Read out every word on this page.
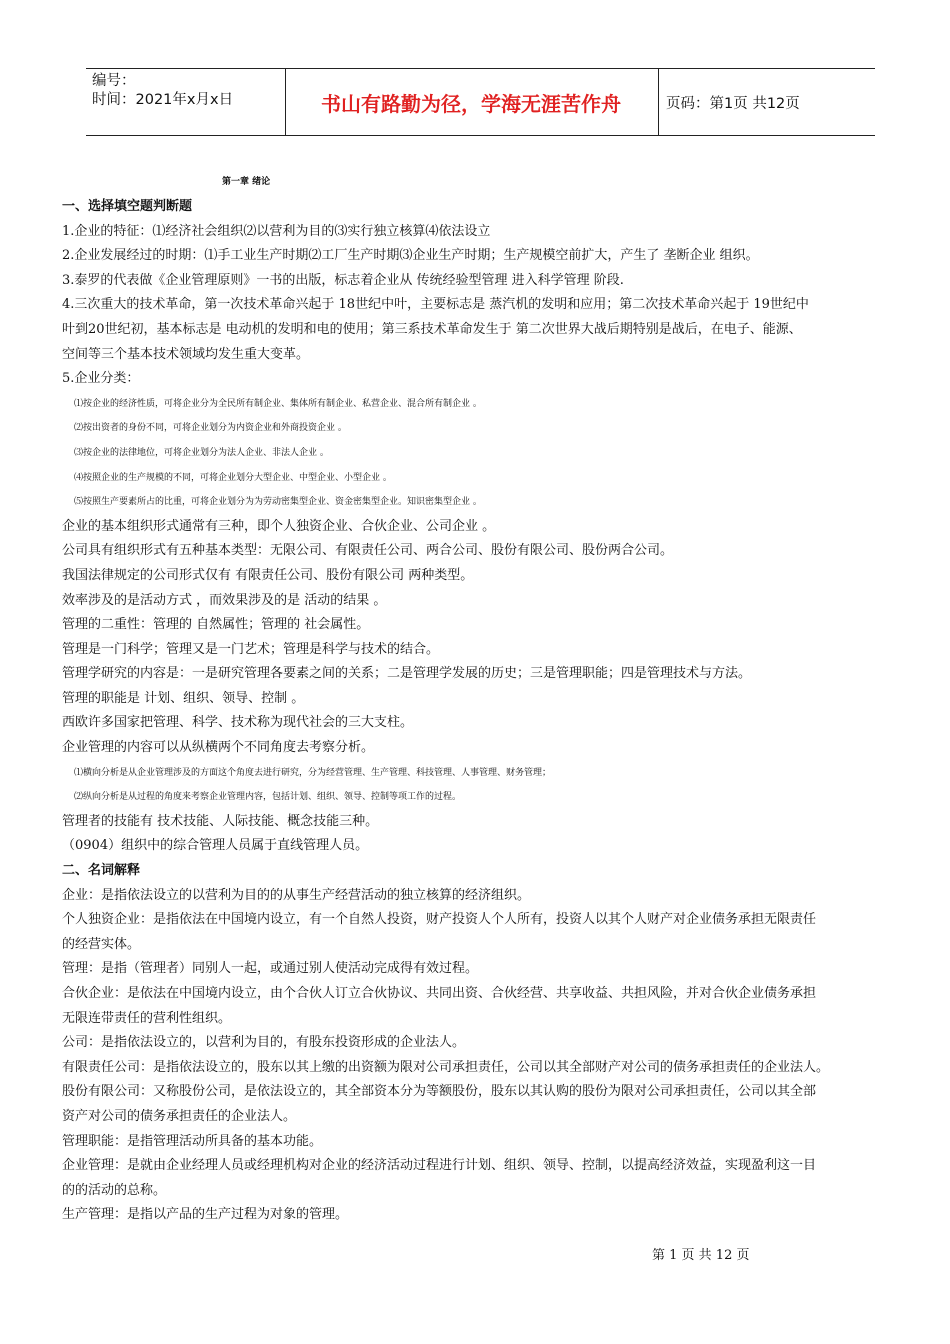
编号：
时间：2021年x月x日	书山有路勤为径，学海无涯苦作舟	页码：第1页 共12页

第一章 绪论

一、选择填空题判断题

1.企业的特征：⑴经济社会组织⑵以营利为目的⑶实行独立核算⑷依法设立

2.企业发展经过的时期：⑴手工业生产时期⑵工厂生产时期⑶企业生产时期；生产规模空前扩大，产生了 垄断企业 组织。

3.泰罗的代表做《企业管理原则》一书的出版，标志着企业从 传统经验型管理 进入科学管理 阶段.

4.三次重大的技术革命，第一次技术革命兴起于 18世纪中叶，主要标志是 蒸汽机的发明和应用；第二次技术革命兴起于 19世纪中

叶到20世纪初，基本标志是 电动机的发明和电的使用；第三系技术革命发生于 第二次世界大战后期特别是战后，在电子、能源、

空间等三个基本技术领域均发生重大变革。

5.企业分类：

⑴按企业的经济性质，可将企业分为全民所有制企业、集体所有制企业、私营企业、混合所有制企业 。

⑵按出资者的身份不同，可将企业划分为内资企业和外商投资企业 。

⑶按企业的法律地位，可将企业划分为法人企业、非法人企业 。

⑷按照企业的生产规模的不同，可将企业划分大型企业、中型企业、小型企业 。

⑸按照生产要素所占的比重，可将企业划分为为劳动密集型企业、资金密集型企业。知识密集型企业 。

企业的基本组织形式通常有三种，即个人独资企业、合伙企业、公司企业 。

公司具有组织形式有五种基本类型：无限公司、有限责任公司、两合公司、股份有限公司、股份两合公司。

我国法律规定的公司形式仅有 有限责任公司、股份有限公司 两种类型。

效率涉及的是活动方式 ，而效果涉及的是 活动的结果 。

管理的二重性：管理的 自然属性；管理的 社会属性。

管理是一门科学；管理又是一门艺术；管理是科学与技术的结合。

管理学研究的内容是：一是研究管理各要素之间的关系；二是管理学发展的历史；三是管理职能；四是管理技术与方法。

管理的职能是 计划、组织、领导、控制 。

西欧许多国家把管理、科学、技术称为现代社会的三大支柱。

企业管理的内容可以从纵横两个不同角度去考察分析。

⑴横向分析是从企业管理涉及的方面这个角度去进行研究，分为经营管理、生产管理、科技管理、人事管理、财务管理；

⑵纵向分析是从过程的角度来考察企业管理内容，包括计划、组织、领导、控制等项工作的过程。

管理者的技能有 技术技能、人际技能、概念技能三种。

（0904）组织中的综合管理人员属于直线管理人员。

二、名词解释

企业：是指依法设立的以营利为目的的从事生产经营活动的独立核算的经济组织。

个人独资企业：是指依法在中国境内设立，有一个自然人投资，财产投资人个人所有，投资人以其个人财产对企业债务承担无限责任

的经营实体。

管理：是指（管理者）同别人一起，或通过别人使活动完成得有效过程。

合伙企业：是依法在中国境内设立，由个合伙人订立合伙协议、共同出资、合伙经营、共享收益、共担风险，并对合伙企业债务承担

无限连带责任的营利性组织。

公司：是指依法设立的，以营利为目的，有股东投资形成的企业法人。

有限责任公司：是指依法设立的，股东以其上缴的出资额为限对公司承担责任，公司以其全部财产对公司的债务承担责任的企业法人。

股份有限公司：又称股份公司，是依法设立的，其全部资本分为等额股份，股东以其认购的股份为限对公司承担责任，公司以其全部

资产对公司的债务承担责任的企业法人。

管理职能：是指管理活动所具备的基本功能。

企业管理：是就由企业经理人员或经理机构对企业的经济活动过程进行计划、组织、领导、控制，以提高经济效益，实现盈利这一目

的的活动的总称。

生产管理：是指以产品的生产过程为对象的管理。

第 1 页 共 12 页
